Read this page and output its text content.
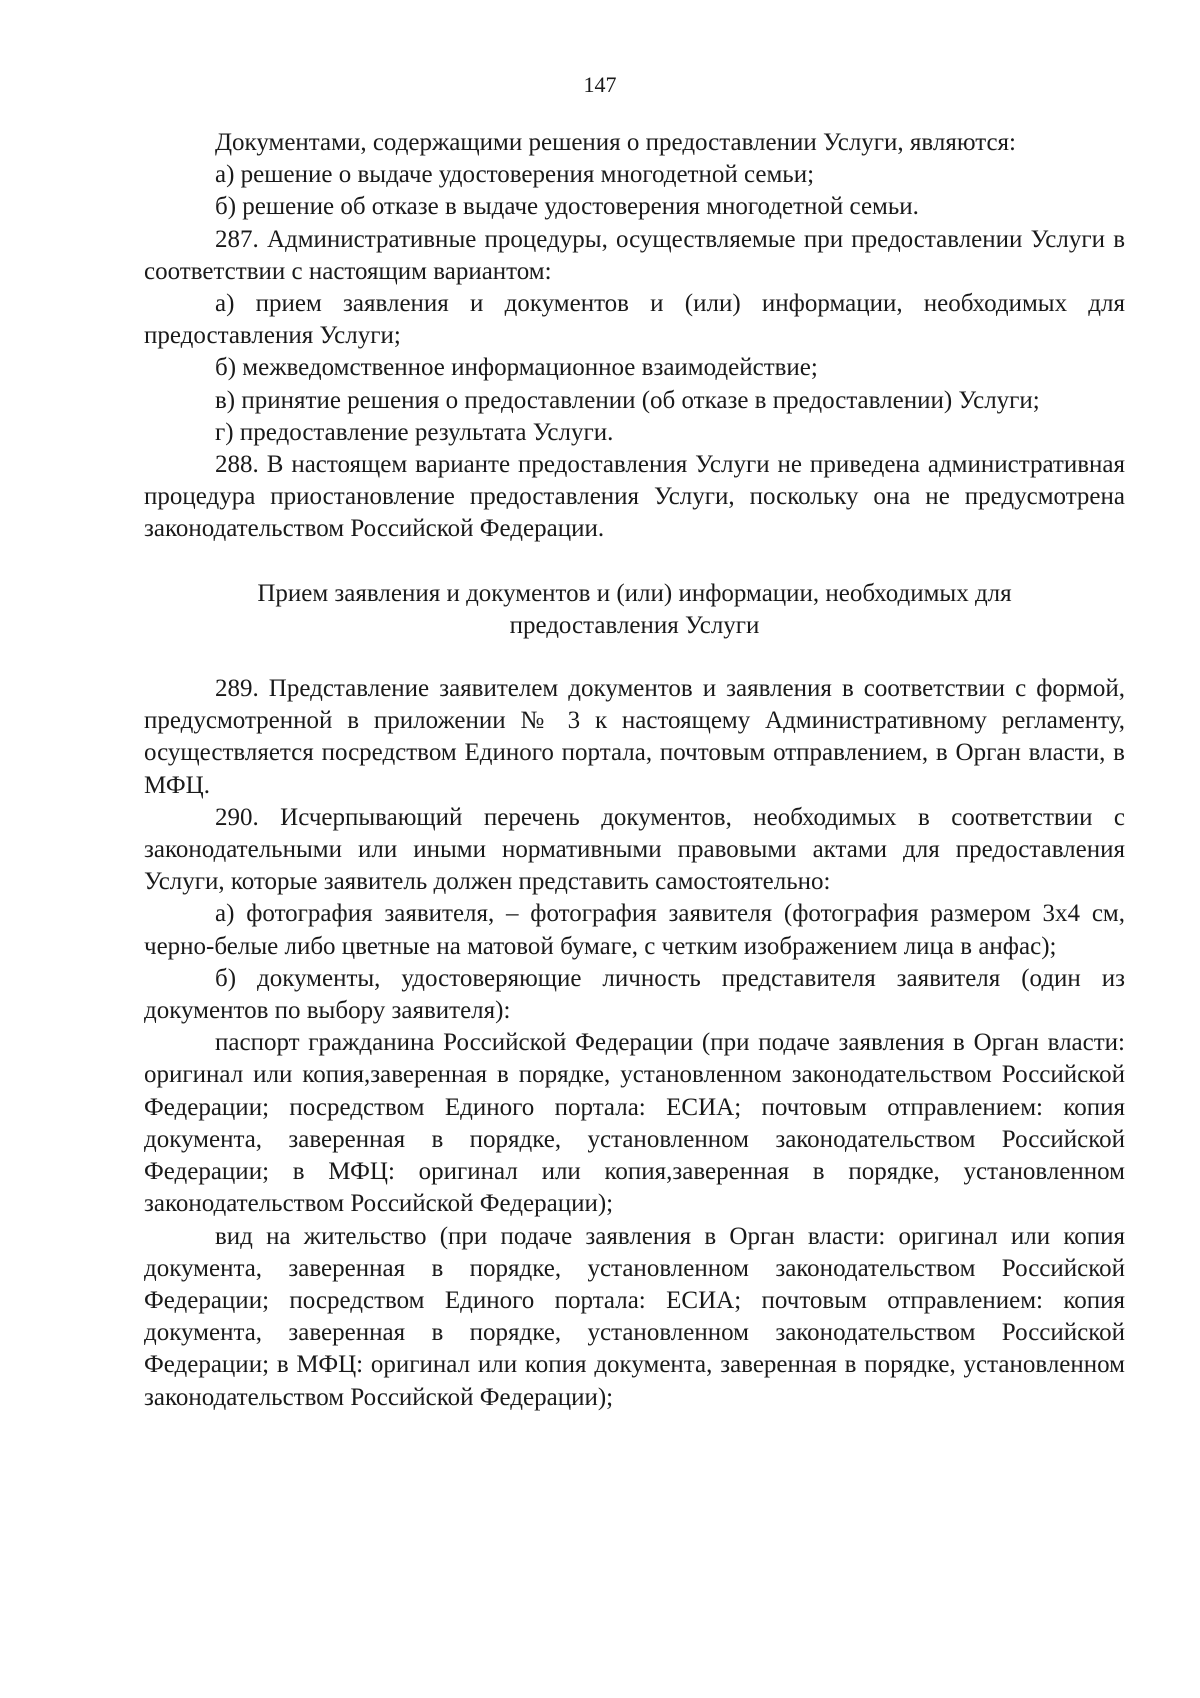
147

Документами, содержащими решения о предоставлении Услуги, являются:

а) решение о выдаче удостоверения многодетной семьи;

б) решение об отказе в выдаче удостоверения многодетной семьи.

287. Административные процедуры, осуществляемые при предоставлении Услуги в соответствии с настоящим вариантом:

а) прием заявления и документов и (или) информации, необходимых для предоставления Услуги;

б) межведомственное информационное взаимодействие;

в) принятие решения о предоставлении (об отказе в предоставлении) Услуги;

г) предоставление результата Услуги.

288. В настоящем варианте предоставления Услуги не приведена административная процедура приостановление предоставления Услуги, поскольку она не предусмотрена законодательством Российской Федерации.

Прием заявления и документов и (или) информации, необходимых для предоставления Услуги

289. Представление заявителем документов и заявления в соответствии с формой, предусмотренной в приложении № 3 к настоящему Административному регламенту, осуществляется посредством Единого портала, почтовым отправлением, в Орган власти, в МФЦ.

290. Исчерпывающий перечень документов, необходимых в соответствии с законодательными или иными нормативными правовыми актами для предоставления Услуги, которые заявитель должен представить самостоятельно:

а) фотография заявителя, – фотография заявителя (фотография размером 3x4 см, черно-белые либо цветные на матовой бумаге, с четким изображением лица в анфас);

б) документы, удостоверяющие личность представителя заявителя (один из документов по выбору заявителя):

паспорт гражданина Российской Федерации (при подаче заявления в Орган власти: оригинал или копия,заверенная в порядке, установленном законодательством Российской Федерации; посредством Единого портала: ЕСИА; почтовым отправлением: копия документа, заверенная в порядке, установленном законодательством Российской Федерации; в МФЦ: оригинал или копия,заверенная в порядке, установленном законодательством Российской Федерации);

вид на жительство (при подаче заявления в Орган власти: оригинал или копия документа, заверенная в порядке, установленном законодательством Российской Федерации; посредством Единого портала: ЕСИА; почтовым отправлением: копия документа, заверенная в порядке, установленном законодательством Российской Федерации; в МФЦ: оригинал или копия документа, заверенная в порядке, установленном законодательством Российской Федерации);
